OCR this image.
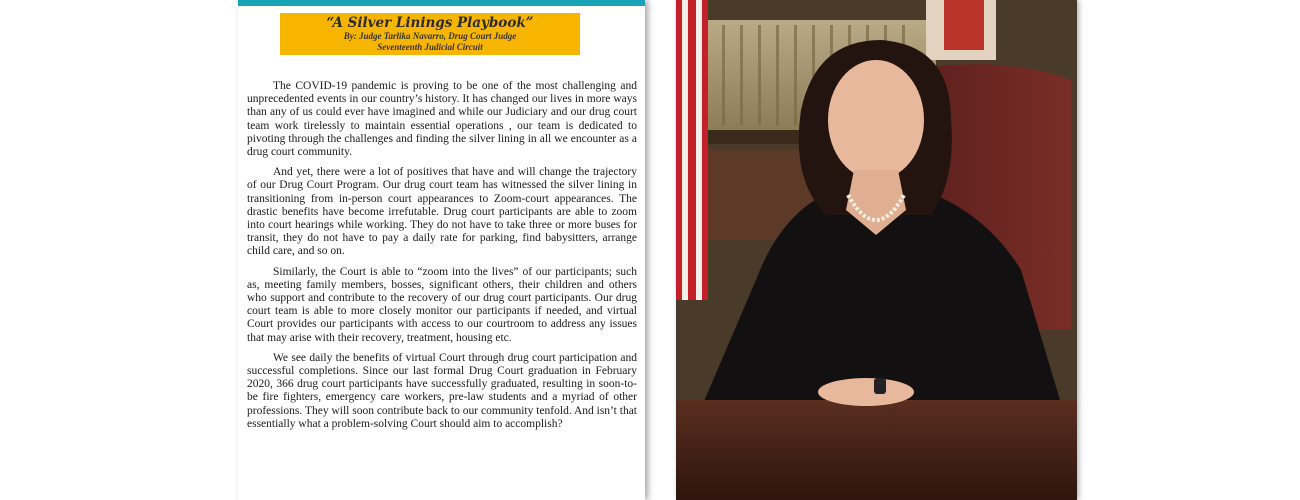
“A Silver Linings Playbook”
By: Judge Tarlika Navarro, Drug Court Judge
Seventeenth Judicial Circuit

The COVID-19 pandemic is proving to be one of the most challenging and unprecedented events in our country’s history. It has changed our lives in more ways than any of us could ever have imagined and while our Judiciary and our drug court team work tirelessly to maintain essential operations , our team is dedicated to pivoting through the challenges and finding the silver lining in all we encounter as a drug court community.

And yet, there were a lot of positives that have and will change the trajectory of our Drug Court Program. Our drug court team has witnessed the silver lining in transitioning from in-person court appearances to Zoom-court appearances. The drastic benefits have become irrefutable. Drug court participants are able to zoom into court hearings while working. They do not have to take three or more buses for transit, they do not have to pay a daily rate for parking, find babysitters, arrange child care, and so on.

Similarly, the Court is able to “zoom into the lives” of our participants; such as, meeting family members, bosses, significant others, their children and others who support and contribute to the recovery of our drug court participants. Our drug court team is able to more closely monitor our participants if needed, and virtual Court provides our participants with access to our courtroom to address any issues that may arise with their recovery, treatment, housing etc.

We see daily the benefits of virtual Court through drug court participation and successful completions. Since our last formal Drug Court graduation in February 2020, 366 drug court participants have successfully graduated, resulting in soon-to-be fire fighters, emergency care workers, pre-law students and a myriad of other professions. They will soon contribute back to our community tenfold. And isn’t that essentially what a problem-solving Court should aim to accomplish?
